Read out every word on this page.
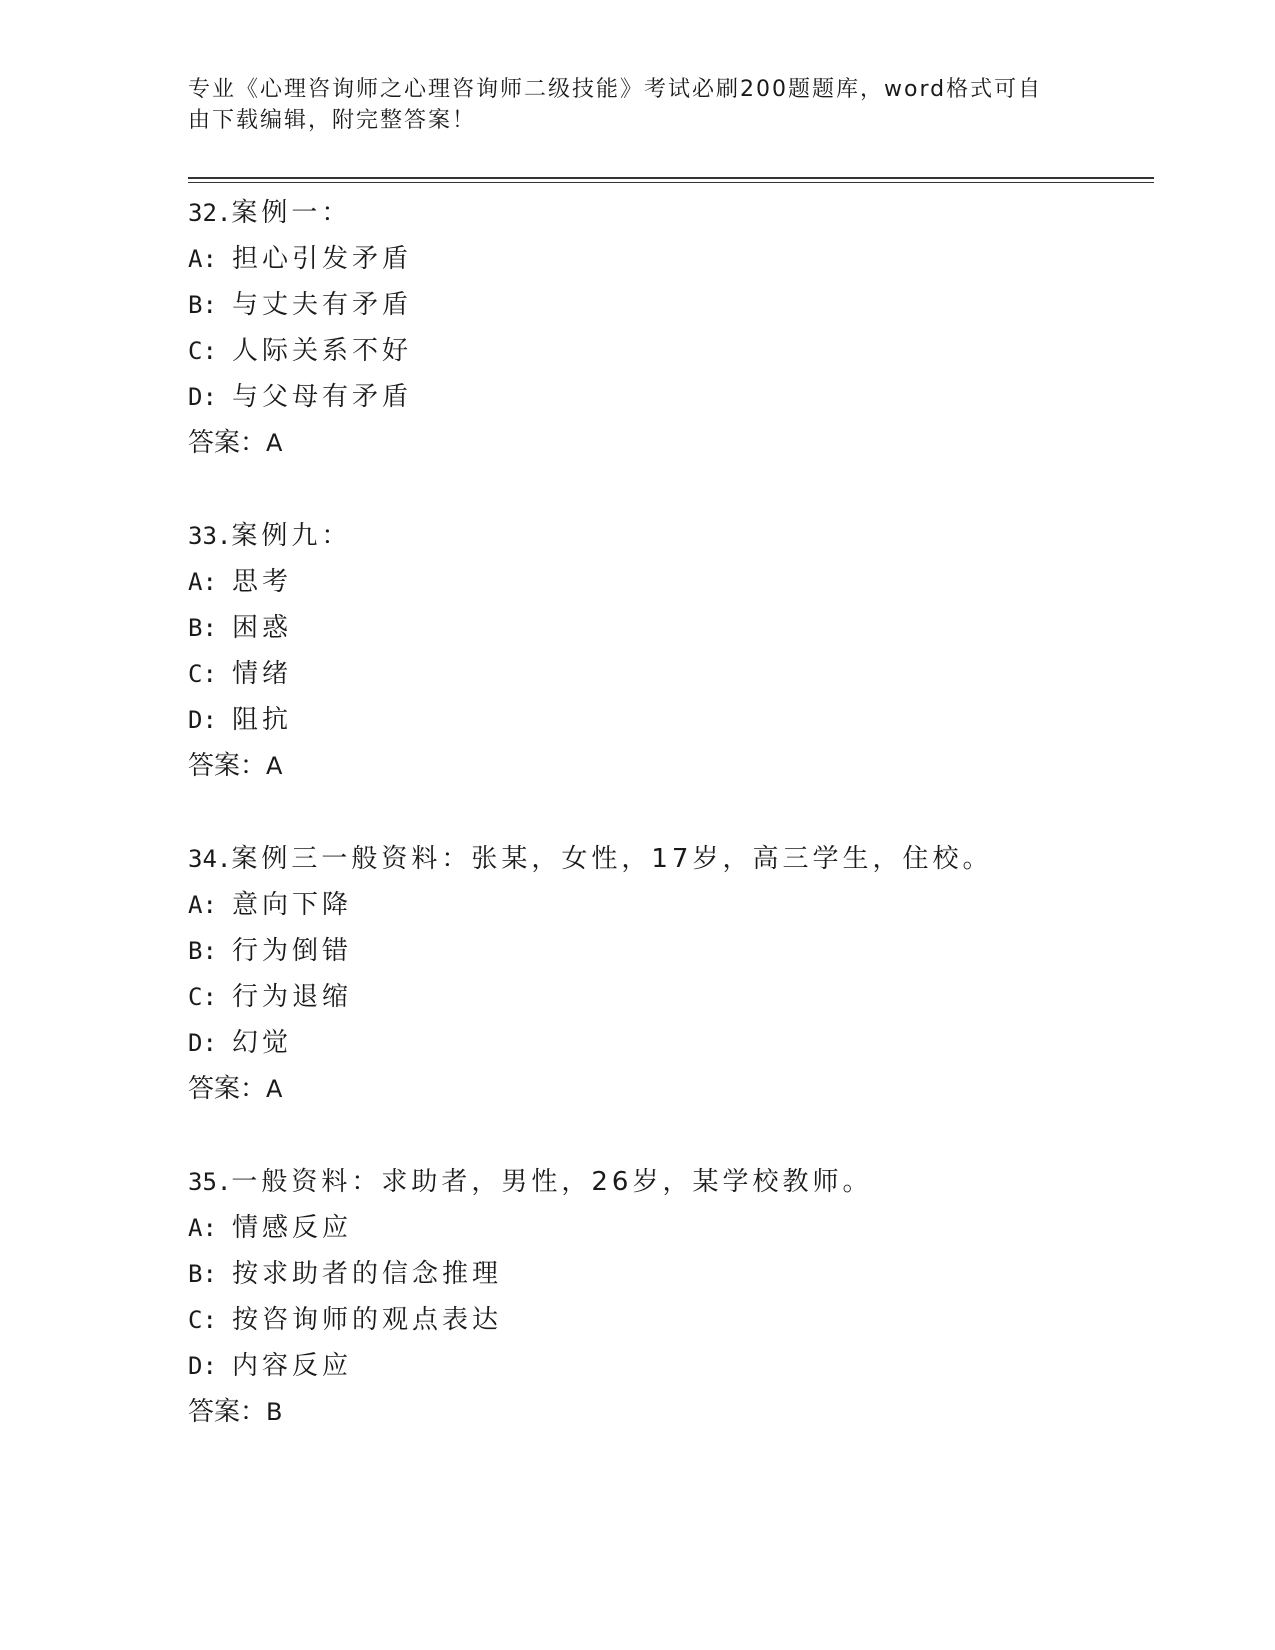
专业《心理咨询师之心理咨询师二级技能》考试必刷200题题库，word格式可自
由下载编辑，附完整答案！
32.案例一：
A: 担心引发矛盾
B: 与丈夫有矛盾
C: 人际关系不好
D: 与父母有矛盾
答案：A
33.案例九：
A: 思考
B: 困惑
C: 情绪
D: 阻抗
答案：A
34.案例三一般资料：张某，女性，17岁，高三学生，住校。
A: 意向下降
B: 行为倒错
C: 行为退缩
D: 幻觉
答案：A
35.一般资料：求助者，男性，26岁，某学校教师。
A: 情感反应
B: 按求助者的信念推理
C: 按咨询师的观点表达
D: 内容反应
答案：B
